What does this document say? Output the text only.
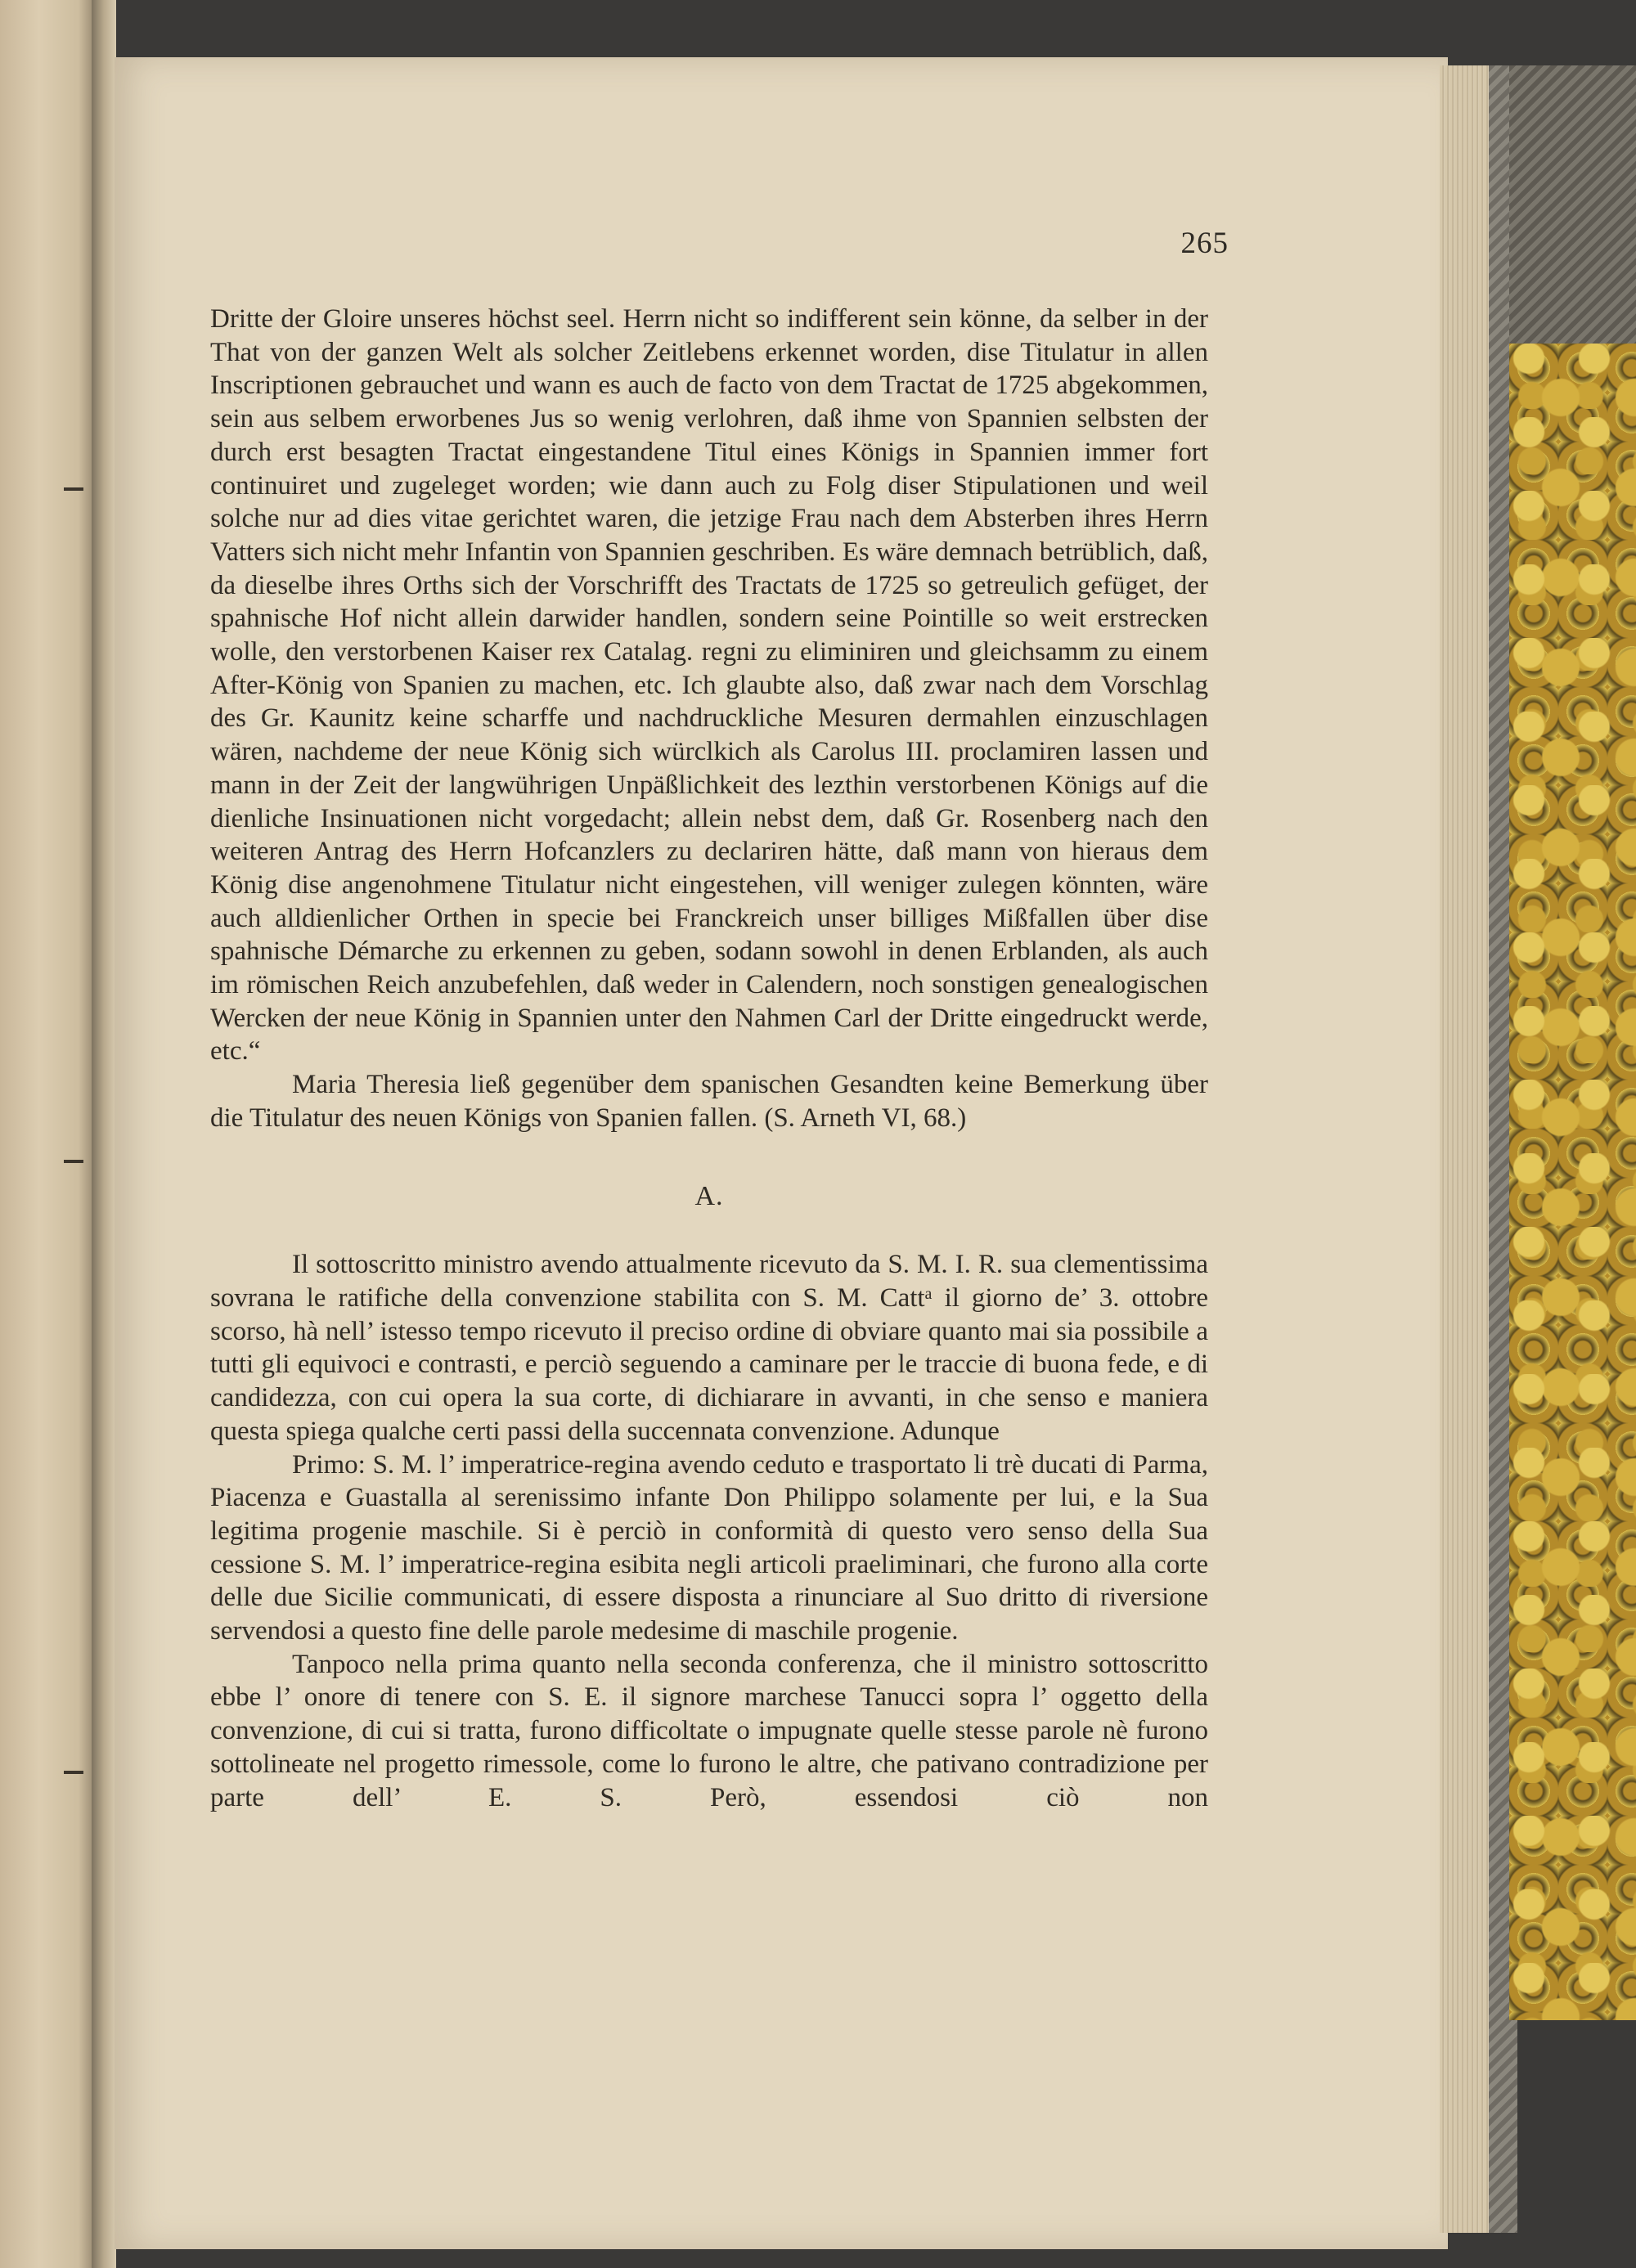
265

Dritte der Gloire unseres höchst seel. Herrn nicht so indifferent sein könne, da selber in der That von der ganzen Welt als solcher Zeitlebens erkennet worden, dise Titulatur in allen Inscriptionen gebrauchet und wann es auch de facto von dem Tractat de 1725 abgekommen, sein aus selbem erworbenes Jus so wenig verlohren, daß ihme von Spannien selbsten der durch erst besagten Tractat eingestandene Titul eines Königs in Spannien immer fort continuiret und zugeleget worden; wie dann auch zu Folg diser Stipulationen und weil solche nur ad dies vitae gerichtet waren, die jetzige Frau nach dem Absterben ihres Herrn Vatters sich nicht mehr Infantin von Spannien geschriben. Es wäre demnach betrüblich, daß, da dieselbe ihres Orths sich der Vorschrifft des Tractats de 1725 so getreulich gefüget, der spahnische Hof nicht allein darwider handlen, sondern seine Pointille so weit erstrecken wolle, den verstorbenen Kaiser rex Catalag. regni zu eliminiren und gleichsamm zu einem After-König von Spanien zu machen, etc. Ich glaubte also, daß zwar nach dem Vorschlag des Gr. Kaunitz keine scharffe und nachdruckliche Mesuren dermahlen einzuschlagen wären, nachdeme der neue König sich würclkich als Carolus III. proclamiren lassen und mann in der Zeit der langwührigen Unpäßlichkeit des lezthin verstorbenen Königs auf die dienliche Insinuationen nicht vorgedacht; allein nebst dem, daß Gr. Rosenberg nach den weiteren Antrag des Herrn Hofcanzlers zu declariren hätte, daß mann von hieraus dem König dise angenohmene Titulatur nicht eingestehen, vill weniger zulegen könnten, wäre auch alldienlicher Orthen in specie bei Franckreich unser billiges Mißfallen über dise spahnische Démarche zu erkennen zu geben, sodann sowohl in denen Erblanden, als auch im römischen Reich anzubefehlen, daß weder in Calendern, noch sonstigen genealogischen Wercken der neue König in Spannien unter den Nahmen Carl der Dritte eingedruckt werde, etc.“

Maria Theresia ließ gegenüber dem spanischen Gesandten keine Bemerkung über die Titulatur des neuen Königs von Spanien fallen. (S. Arneth VI, 68.)

A.

Il sottoscritto ministro avendo attualmente ricevuto da S. M. I. R. sua clementissima sovrana le ratifiche della convenzione stabilita con S. M. Cattᵃ il giorno de’ 3. ottobre scorso, hà nell’ istesso tempo ricevuto il preciso ordine di obviare quanto mai sia possibile a tutti gli equivoci e contrasti, e perciò seguendo a caminare per le traccie di buona fede, e di candidezza, con cui opera la sua corte, di dichiarare in avvanti, in che senso e maniera questa spiega qualche certi passi della succennata convenzione. Adunque

Primo: S. M. l’ imperatrice-regina avendo ceduto e trasportato li trè ducati di Parma, Piacenza e Guastalla al serenissimo infante Don Philippo solamente per lui, e la Sua legitima progenie maschile. Si è perciò in conformità di questo vero senso della Sua cessione S. M. l’ imperatrice-regina esibita negli articoli praeliminari, che furono alla corte delle due Sicilie communicati, di essere disposta a rinunciare al Suo dritto di riversione servendosi a questo fine delle parole medesime di maschile progenie.

Tanpoco nella prima quanto nella seconda conferenza, che il ministro sottoscritto ebbe l’ onore di tenere con S. E. il signore marchese Tanucci sopra l’ oggetto della convenzione, di cui si tratta, furono difficoltate o impugnate quelle stesse parole nè furono sottolineate nel progetto rimessole, come lo furono le altre, che pativano contradizione per parte dell’ E. S. Però, essendosi ciò non
